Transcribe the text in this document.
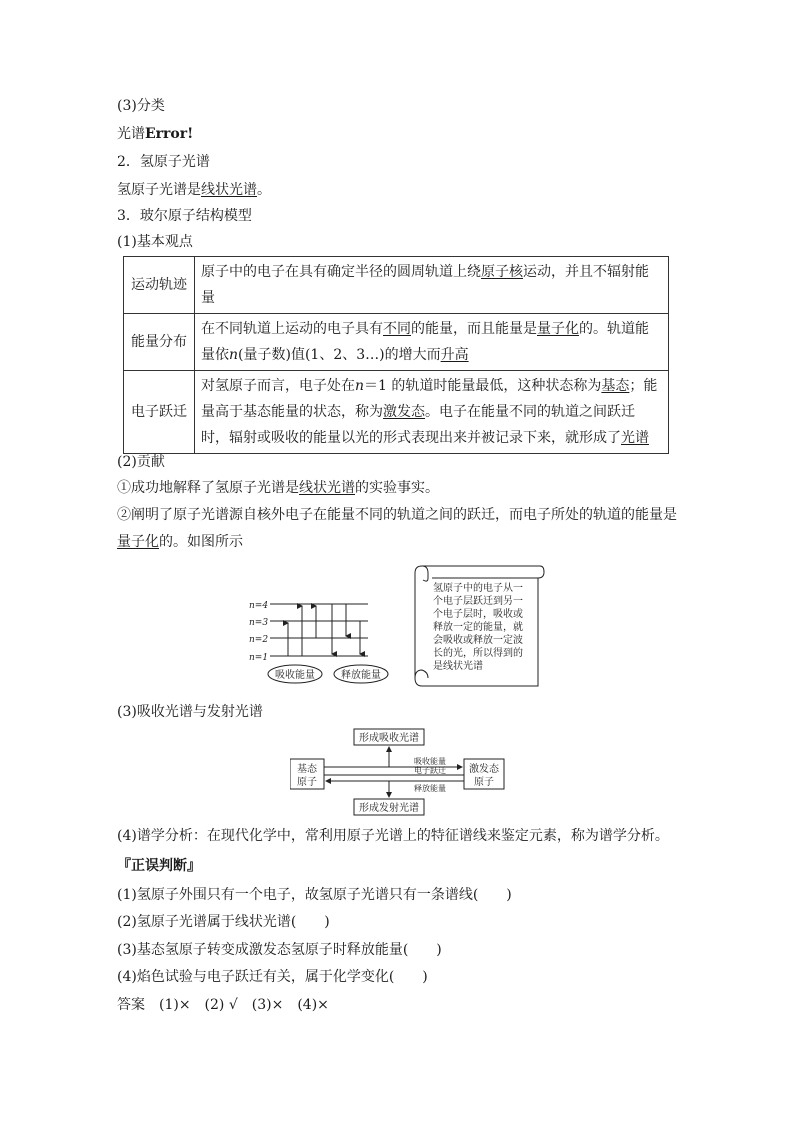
(3)分类
光谱Error!
2．氢原子光谱
氢原子光谱是线状光谱。
3．玻尔原子结构模型
(1)基本观点
运动轨迹	原子中的电子在具有确定半径的圆周轨道上绕原子核运动，并且不辐射能量
能量分布	在不同轨道上运动的电子具有不同的能量，而且能量是量子化的。轨道能量依n(量子数)值(1、2、3…)的增大而升高
电子跃迁	对氢原子而言，电子处在n＝1 的轨道时能量最低，这种状态称为基态；能量高于基态能量的状态，称为激发态。电子在能量不同的轨道之间跃迁时，辐射或吸收的能量以光的形式表现出来并被记录下来，就形成了光谱
(2)贡献
①成功地解释了氢原子光谱是线状光谱的实验事实。
②阐明了原子光谱源自核外电子在能量不同的轨道之间的跃迁，而电子所处的轨道的能量是
量子化的。如图所示
n=4
n=3
n=2
n=1
吸收能量	释放能量
氢原子中的电子从一
个电子层跃迁到另一
个电子层时，吸收或
释放一定的能量，就
会吸收或释放一定波
长的光，所以得到的
是线状光谱
(3)吸收光谱与发射光谱
形成吸收光谱
形成发射光谱
基态
原子
激发态
原子
吸收能量
电子跃迁
释放能量
(4)谱学分析：在现代化学中，常利用原子光谱上的特征谱线来鉴定元素，称为谱学分析。
『正误判断』
(1)氢原子外围只有一个电子，故氢原子光谱只有一条谱线(　　)
(2)氢原子光谱属于线状光谱(　　)
(3)基态氢原子转变成激发态氢原子时释放能量(　　)
(4)焰色试验与电子跃迁有关，属于化学变化(　　)
答案　(1)×　(2) √　(3)×　(4)×
